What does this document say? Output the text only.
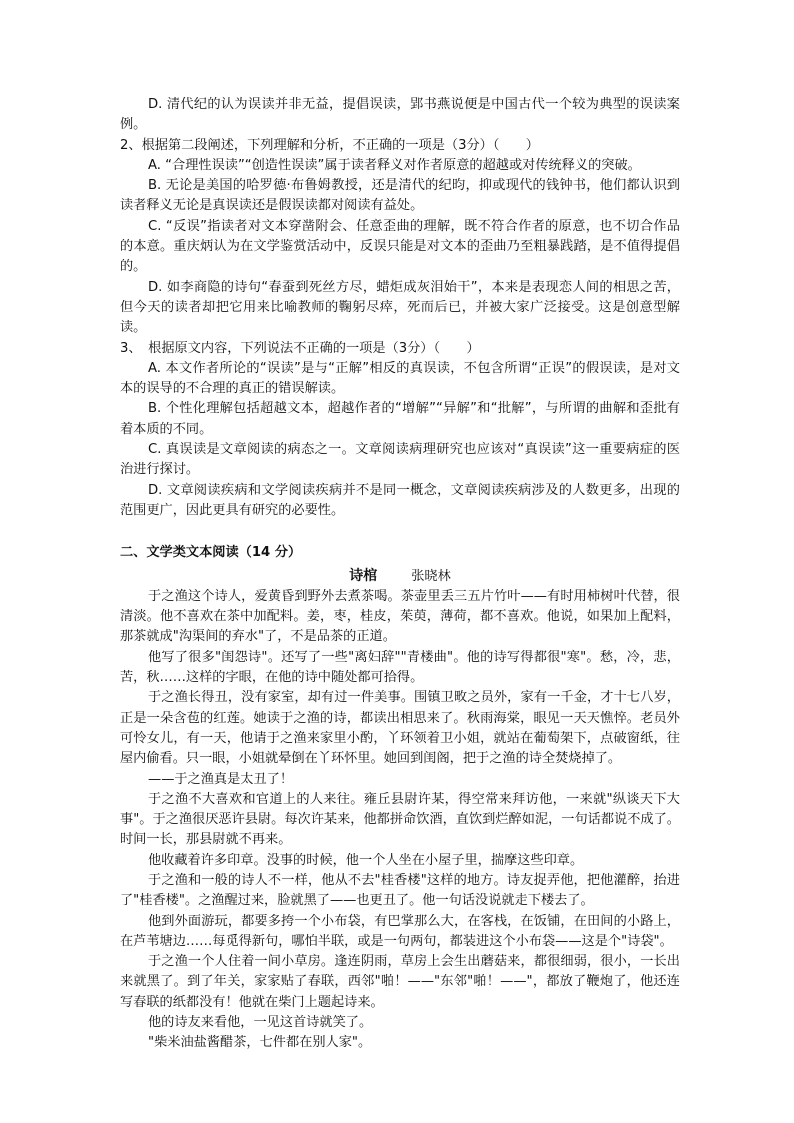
D. 清代纪的认为误读并非无益，提倡误读，郢书燕说便是中国古代一个较为典型的误读案例。

2、根据第二段阐述，下列理解和分析，不正确的一项是（3分）（　　）

A. “合理性误读”“创造性误读”属于读者释义对作者原意的超越或对传统释义的突破。

B. 无论是美国的哈罗德·布鲁姆教授，还是清代的纪昀，抑或现代的钱钟书，他们都认识到读者释义无论是真误读还是假误读都对阅读有益处。

C. “反误”指读者对文本穿凿附会、任意歪曲的理解，既不符合作者的原意，也不切合作品的本意。重庆炳认为在文学鉴赏活动中，反误只能是对文本的歪曲乃至粗暴践踏，是不值得提倡的。

D. 如李商隐的诗句“春蚕到死丝方尽，蜡炬成灰泪始干”，本来是表现恋人间的相思之苦，但今天的读者却把它用来比喻教师的鞠躬尽瘁，死而后已，并被大家广泛接受。这是创意型解读。

3、　根据原文内容，下列说法不正确的一项是（3分）（　　）

A. 本文作者所论的“误读”是与“正解”相反的真误读，不包含所谓“正误”的假误读，是对文本的误导的不合理的真正的错误解读。

B. 个性化理解包括超越文本，超越作者的“增解”“异解”和“批解”，与所谓的曲解和歪批有着本质的不同。

C. 真误读是文章阅读的病态之一。文章阅读病理研究也应该对“真误读”这一重要病症的医治进行探讨。

D. 文章阅读疾病和文学阅读疾病并不是同一概念，文章阅读疾病涉及的人数更多，出现的范围更广，因此更具有研究的必要性。

二、文学类文本阅读（14 分）

诗棺	张晓林

于之渔这个诗人，爱黄昏到野外去煮茶喝。茶壶里丢三五片竹叶——有时用柿树叶代替，很清淡。他不喜欢在茶中加配料。姜，枣，桂皮，茱萸，薄荷，都不喜欢。他说，如果加上配料，那茶就成"沟渠间的弃水"了，不是品茶的正道。

他写了很多"闺怨诗"。还写了一些"离妇辞""青楼曲"。他的诗写得都很"寒"。愁，冷，悲，苦，秋……这样的字眼，在他的诗中随处都可拾得。

于之渔长得丑，没有家室，却有过一件美事。围镇卫畋之员外，家有一千金，才十七八岁，正是一朵含苞的红莲。她读于之渔的诗，都读出相思来了。秋雨海棠，眼见一天天憔悴。老员外可怜女儿，有一天，他请于之渔来家里小酌，丫环领着卫小姐，就站在葡萄架下，点破窗纸，往屋内偷看。只一眼，小姐就晕倒在丫环怀里。她回到闺阁，把于之渔的诗全焚烧掉了。

——于之渔真是太丑了！

于之渔不大喜欢和官道上的人来往。雍丘县尉许某，得空常来拜访他，一来就"纵谈天下大事"。于之渔很厌恶许县尉。每次许某来，他都拼命饮酒，直饮到烂醉如泥，一句话都说不成了。时间一长，那县尉就不再来。

他收藏着许多印章。没事的时候，他一个人坐在小屋子里，揣摩这些印章。

于之渔和一般的诗人不一样，他从不去"桂香楼"这样的地方。诗友捉弄他，把他灌醉，抬进了"桂香楼"。之渔醒过来，脸就黑了——也更丑了。他一句话没说就走下楼去了。

他到外面游玩，都要多挎一个小布袋，有巴掌那么大，在客栈，在饭铺，在田间的小路上，在芦苇塘边……每觅得新句，哪怕半联，或是一句两句，都装进这个小布袋——这是个"诗袋"。

于之渔一个人住着一间小草房。逢连阴雨，草房上会生出蘑菇来，都很细弱，很小，一长出来就黑了。到了年关，家家贴了春联，西邻"啪！——"东邻"啪！——"，都放了鞭炮了，他还连写春联的纸都没有！他就在柴门上题起诗来。

他的诗友来看他，一见这首诗就笑了。

"柴米油盐酱醋茶，七件都在别人家"。
